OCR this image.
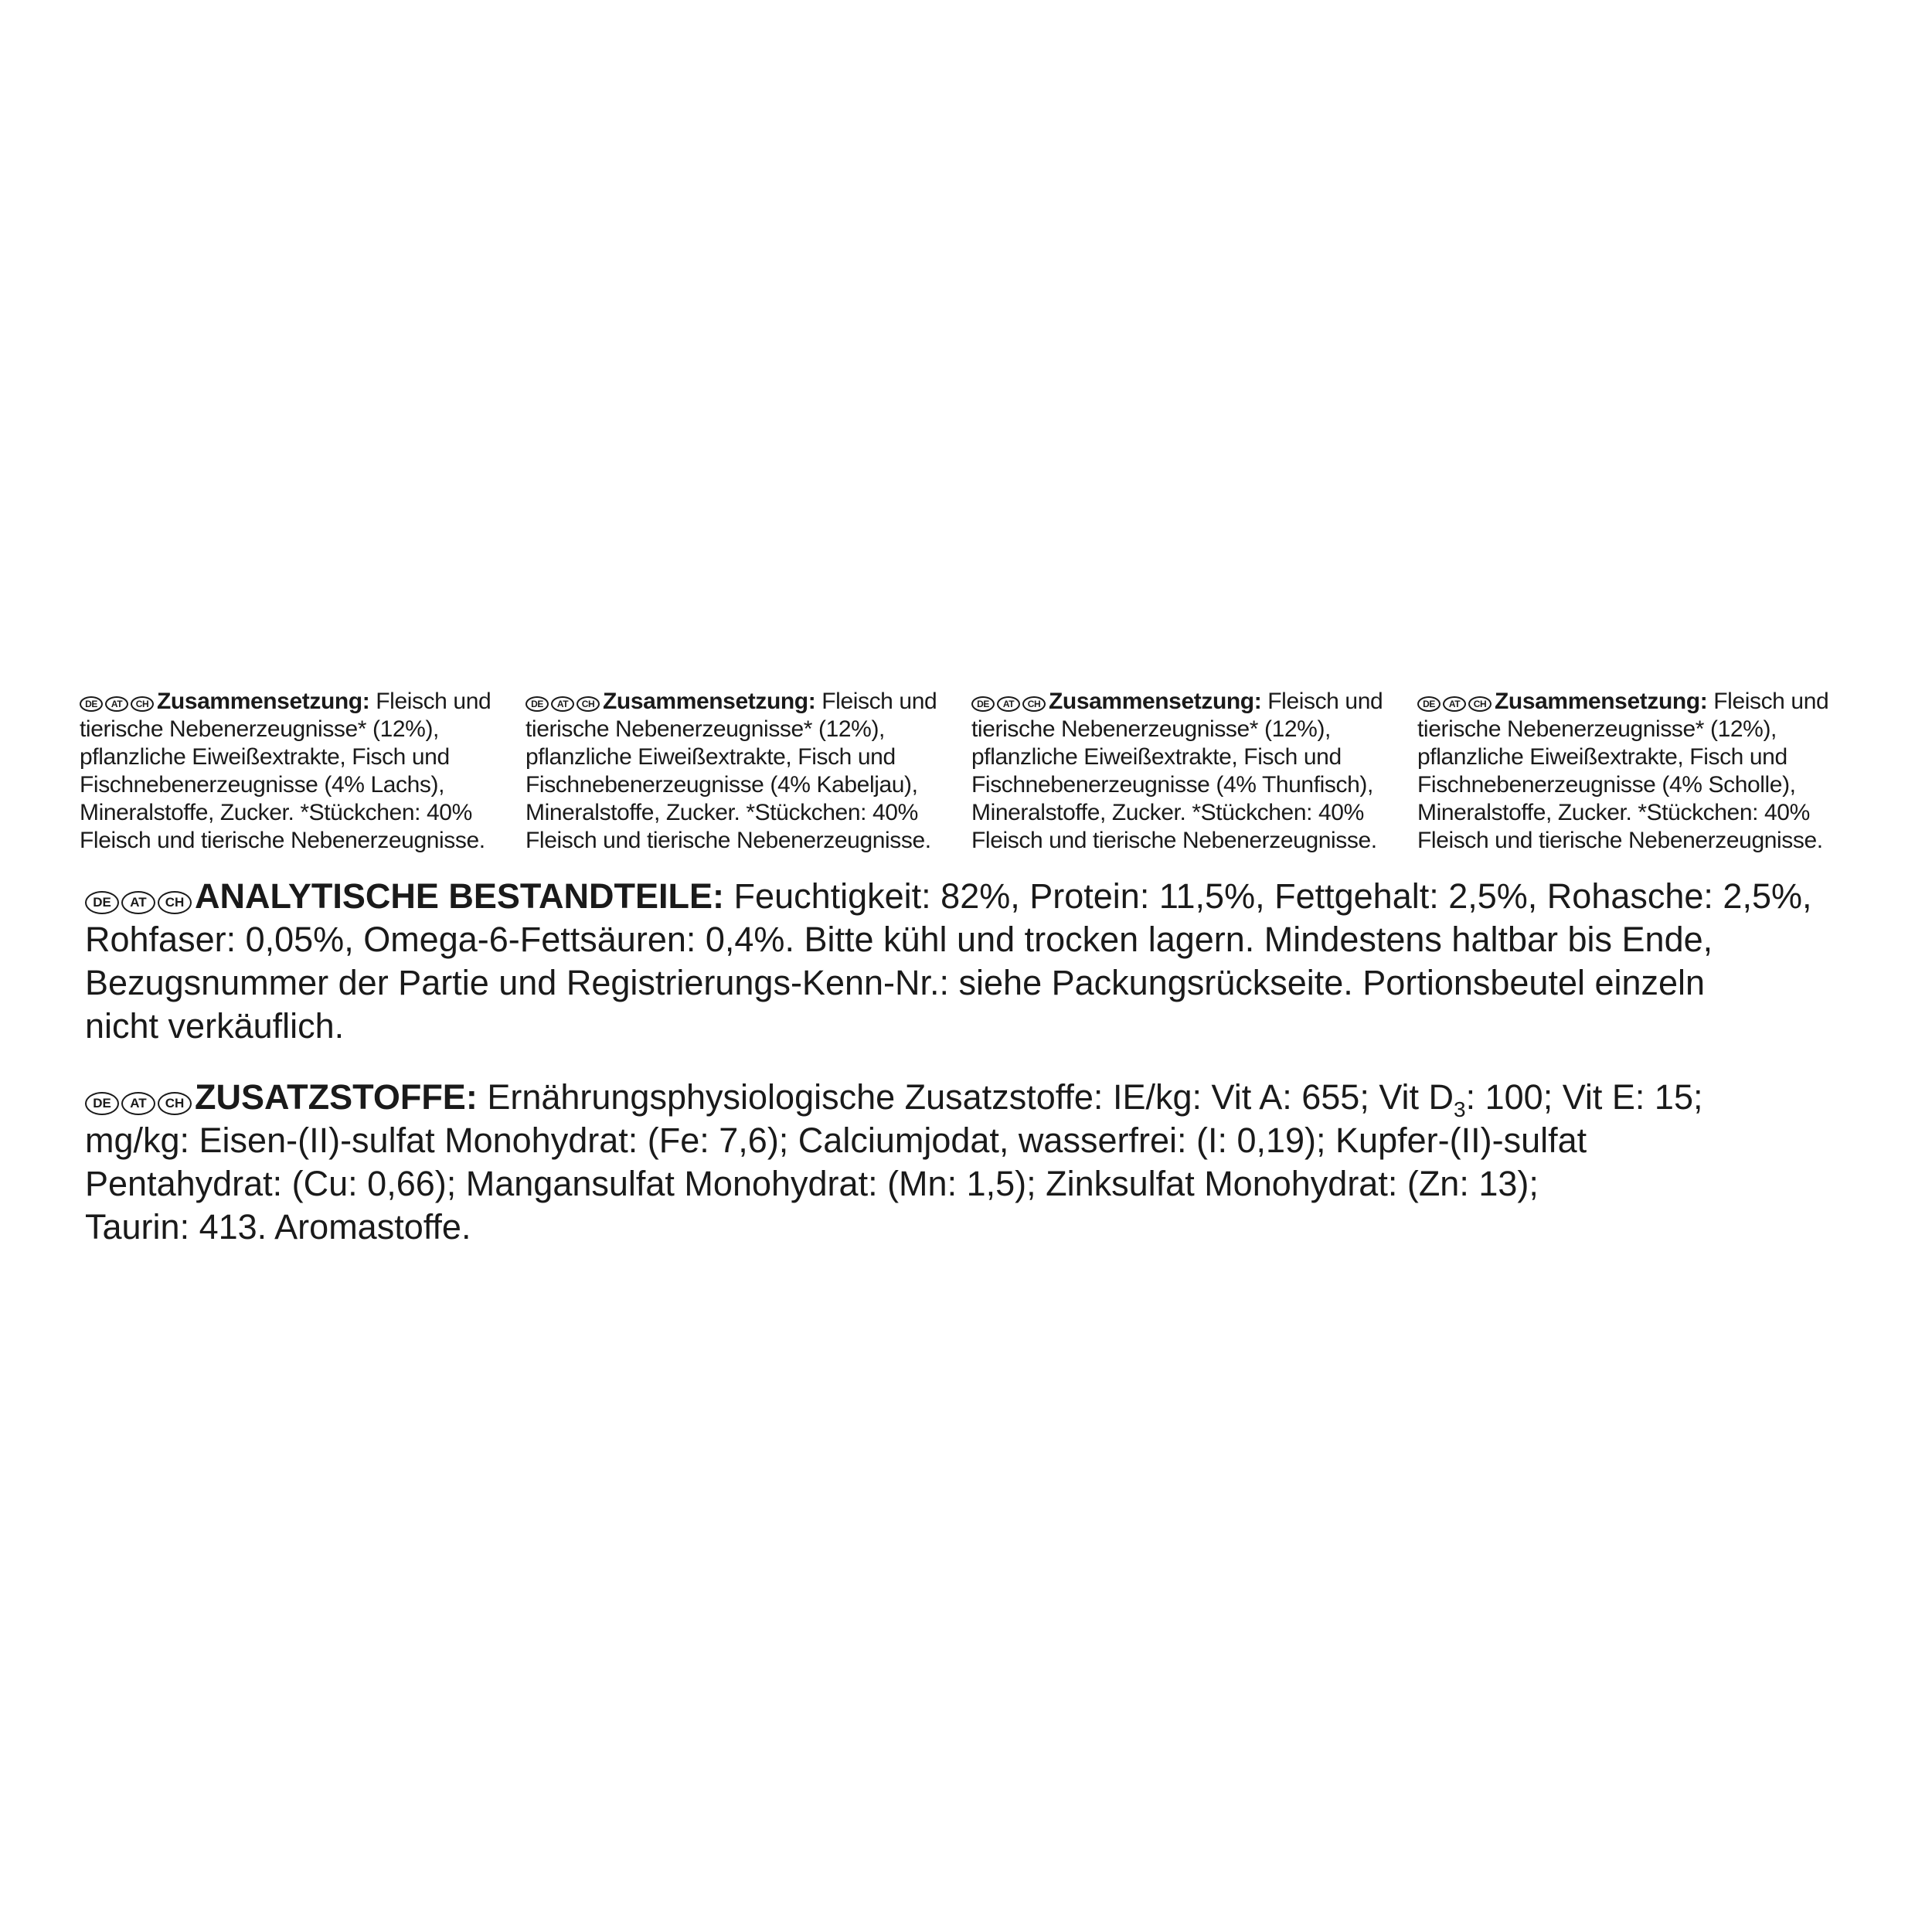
DE	AT	CH Zusammensetzung: Fleisch und
tierische Nebenerzeugnisse* (12%),
pflanzliche Eiweißextrakte, Fisch und
Fischnebenerzeugnisse (4% Lachs),
Mineralstoffe, Zucker. *Stückchen: 40%
Fleisch und tierische Nebenerzeugnisse.
DE	AT	CH Zusammensetzung: Fleisch und
tierische Nebenerzeugnisse* (12%),
pflanzliche Eiweißextrakte, Fisch und
Fischnebenerzeugnisse (4% Kabeljau),
Mineralstoffe, Zucker. *Stückchen: 40%
Fleisch und tierische Nebenerzeugnisse.
DE	AT	CH Zusammensetzung: Fleisch und
tierische Nebenerzeugnisse* (12%),
pflanzliche Eiweißextrakte, Fisch und
Fischnebenerzeugnisse (4% Thunfisch),
Mineralstoffe, Zucker. *Stückchen: 40%
Fleisch und tierische Nebenerzeugnisse.
DE	AT	CH Zusammensetzung: Fleisch und
tierische Nebenerzeugnisse* (12%),
pflanzliche Eiweißextrakte, Fisch und
Fischnebenerzeugnisse (4% Scholle),
Mineralstoffe, Zucker. *Stückchen: 40%
Fleisch und tierische Nebenerzeugnisse.
DE	AT	CH ANALYTISCHE BESTANDTEILE: Feuchtigkeit: 82%, Protein: 11,5%, Fettgehalt: 2,5%, Rohasche: 2,5%,
Rohfaser: 0,05%, Omega-6-Fettsäuren: 0,4%. Bitte kühl und trocken lagern. Mindestens haltbar bis Ende,
Bezugsnummer der Partie und Registrierungs-Kenn-Nr.: siehe Packungsrückseite. Portionsbeutel einzeln
nicht verkäuflich.
DE	AT	CH ZUSATZSTOFFE: Ernährungsphysiologische Zusatzstoffe: IE/kg: Vit A: 655; Vit $D_3$: 100; Vit E: 15;
mg/kg: Eisen-(II)-sulfat Monohydrat: (Fe: 7,6); Calciumjodat, wasserfrei: (I: 0,19); Kupfer-(II)-sulfat
Pentahydrat: (Cu: 0,66); Mangansulfat Monohydrat: (Mn: 1,5); Zinksulfat Monohydrat: (Zn: 13);
Taurin: 413. Aromastoffe.
